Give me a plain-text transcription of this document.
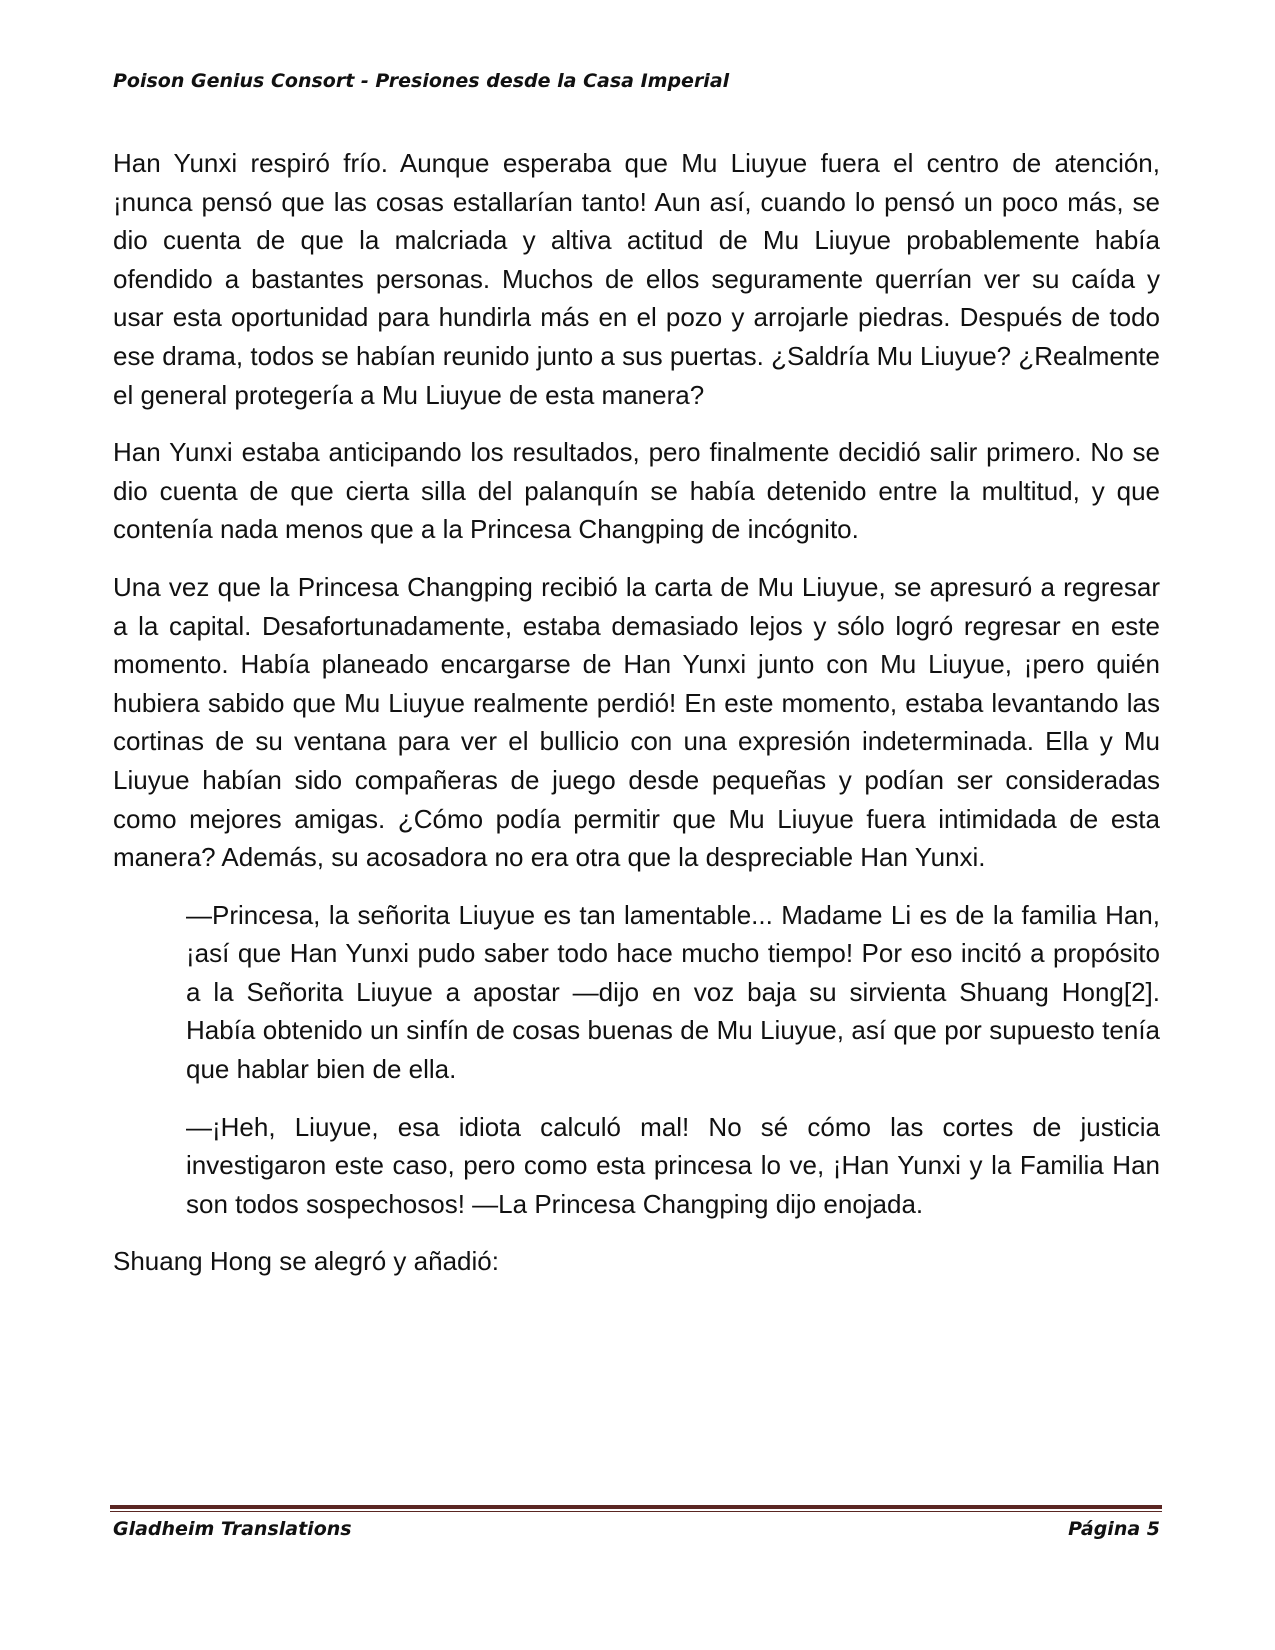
Poison Genius Consort - Presiones desde la Casa Imperial

Han Yunxi respiró frío. Aunque esperaba que Mu Liuyue fuera el centro de atención, ¡nunca pensó que las cosas estallarían tanto! Aun así, cuando lo pensó un poco más, se dio cuenta de que la malcriada y altiva actitud de Mu Liuyue probablemente había ofendido a bastantes personas. Muchos de ellos seguramente querrían ver su caída y usar esta oportunidad para hundirla más en el pozo y arrojarle piedras. Después de todo ese drama, todos se habían reunido junto a sus puertas. ¿Saldría Mu Liuyue? ¿Realmente el general protegería a Mu Liuyue de esta manera?

Han Yunxi estaba anticipando los resultados, pero finalmente decidió salir primero. No se dio cuenta de que cierta silla del palanquín se había detenido entre la multitud, y que contenía nada menos que a la Princesa Changping de incógnito.

Una vez que la Princesa Changping recibió la carta de Mu Liuyue, se apresuró a regresar a la capital. Desafortunadamente, estaba demasiado lejos y sólo logró regresar en este momento. Había planeado encargarse de Han Yunxi junto con Mu Liuyue, ¡pero quién hubiera sabido que Mu Liuyue realmente perdió! En este momento, estaba levantando las cortinas de su ventana para ver el bullicio con una expresión indeterminada. Ella y Mu Liuyue habían sido compañeras de juego desde pequeñas y podían ser consideradas como mejores amigas. ¿Cómo podía permitir que Mu Liuyue fuera intimidada de esta manera? Además, su acosadora no era otra que la despreciable Han Yunxi.

—Princesa, la señorita Liuyue es tan lamentable... Madame Li es de la familia Han, ¡así que Han Yunxi pudo saber todo hace mucho tiempo! Por eso incitó a propósito a la Señorita Liuyue a apostar —dijo en voz baja su sirvienta Shuang Hong[2]. Había obtenido un sinfín de cosas buenas de Mu Liuyue, así que por supuesto tenía que hablar bien de ella.

—¡Heh, Liuyue, esa idiota calculó mal! No sé cómo las cortes de justicia investigaron este caso, pero como esta princesa lo ve, ¡Han Yunxi y la Familia Han son todos sospechosos! —La Princesa Changping dijo enojada.

Shuang Hong se alegró y añadió:

Gladheim Translations	Página 5
